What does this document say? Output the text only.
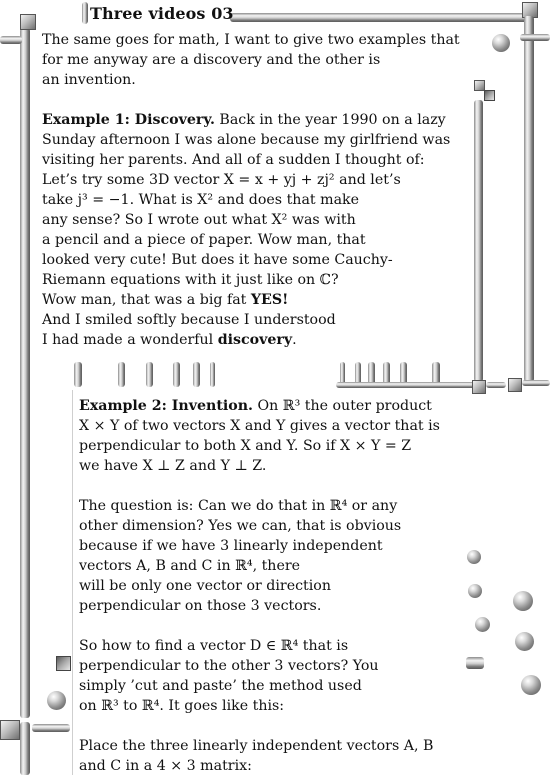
Three videos 03
The same goes for math, I want to give two examples that
for me anyway are a discovery and the other is
an invention.
Example 1: Discovery. Back in the year 1990 on a lazy
Sunday afternoon I was alone because my girlfriend was
visiting her parents. And all of a sudden I thought of:
Let’s try some 3D vector X = x + yj + zj² and let’s
take j³ = −1. What is X² and does that make
any sense? So I wrote out what X² was with
a pencil and a piece of paper. Wow man, that
looked very cute! But does it have some Cauchy-
Riemann equations with it just like on ℂ?
Wow man, that was a big fat YES!
And I smiled softly because I understood
I had made a wonderful discovery.
Example 2: Invention. On ℝ³ the outer product
X × Y of two vectors X and Y gives a vector that is
perpendicular to both X and Y. So if X × Y = Z
we have X ⊥ Z and Y ⊥ Z.
The question is: Can we do that in ℝ⁴ or any
other dimension? Yes we can, that is obvious
because if we have 3 linearly independent
vectors A, B and C in ℝ⁴, there
will be only one vector or direction
perpendicular on those 3 vectors.
So how to find a vector D ∈ ℝ⁴ that is
perpendicular to the other 3 vectors? You
simply ’cut and paste’ the method used
on ℝ³ to ℝ⁴. It goes like this:
Place the three linearly independent vectors A, B
and C in a 4 × 3 matrix:
